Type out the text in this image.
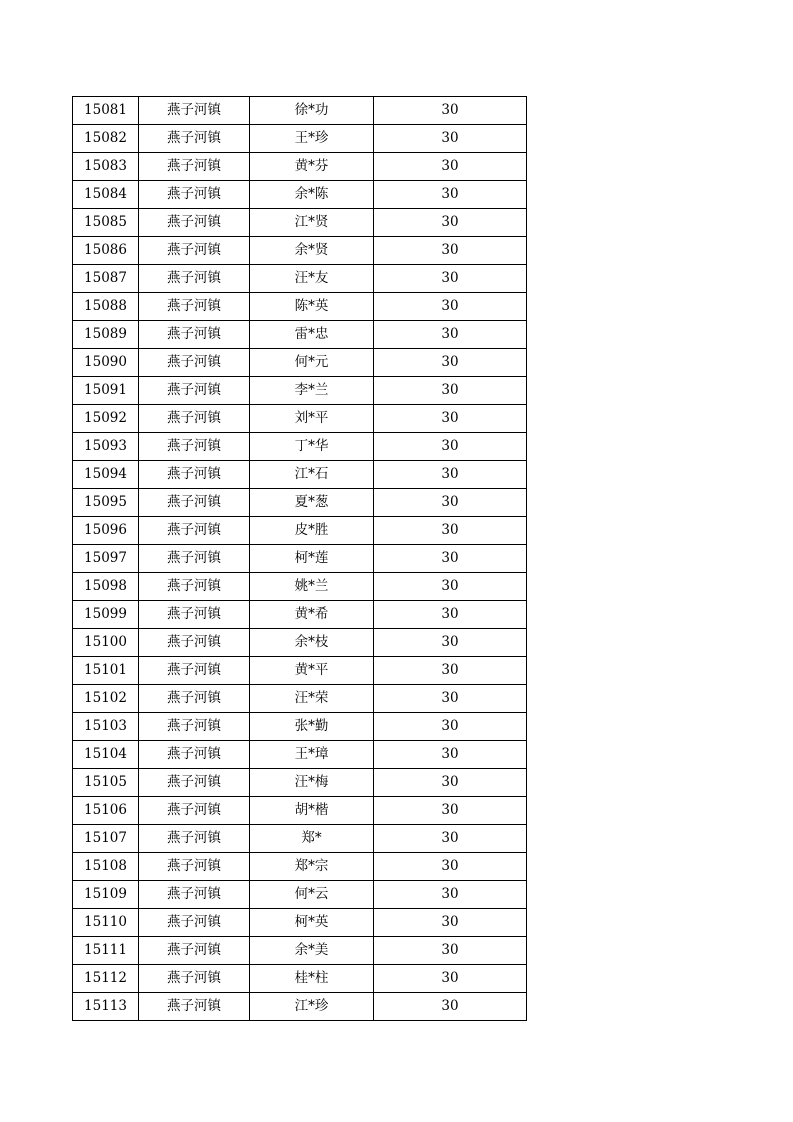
15081	燕子河镇	徐*功	30
15082	燕子河镇	王*珍	30
15083	燕子河镇	黄*芬	30
15084	燕子河镇	余*陈	30
15085	燕子河镇	江*贤	30
15086	燕子河镇	余*贤	30
15087	燕子河镇	汪*友	30
15088	燕子河镇	陈*英	30
15089	燕子河镇	雷*忠	30
15090	燕子河镇	何*元	30
15091	燕子河镇	李*兰	30
15092	燕子河镇	刘*平	30
15093	燕子河镇	丁*华	30
15094	燕子河镇	江*石	30
15095	燕子河镇	夏*葱	30
15096	燕子河镇	皮*胜	30
15097	燕子河镇	柯*莲	30
15098	燕子河镇	姚*兰	30
15099	燕子河镇	黄*希	30
15100	燕子河镇	余*枝	30
15101	燕子河镇	黄*平	30
15102	燕子河镇	汪*荣	30
15103	燕子河镇	张*勤	30
15104	燕子河镇	王*璋	30
15105	燕子河镇	汪*梅	30
15106	燕子河镇	胡*楷	30
15107	燕子河镇	郑*	30
15108	燕子河镇	郑*宗	30
15109	燕子河镇	何*云	30
15110	燕子河镇	柯*英	30
15111	燕子河镇	余*美	30
15112	燕子河镇	桂*柱	30
15113	燕子河镇	江*珍	30
